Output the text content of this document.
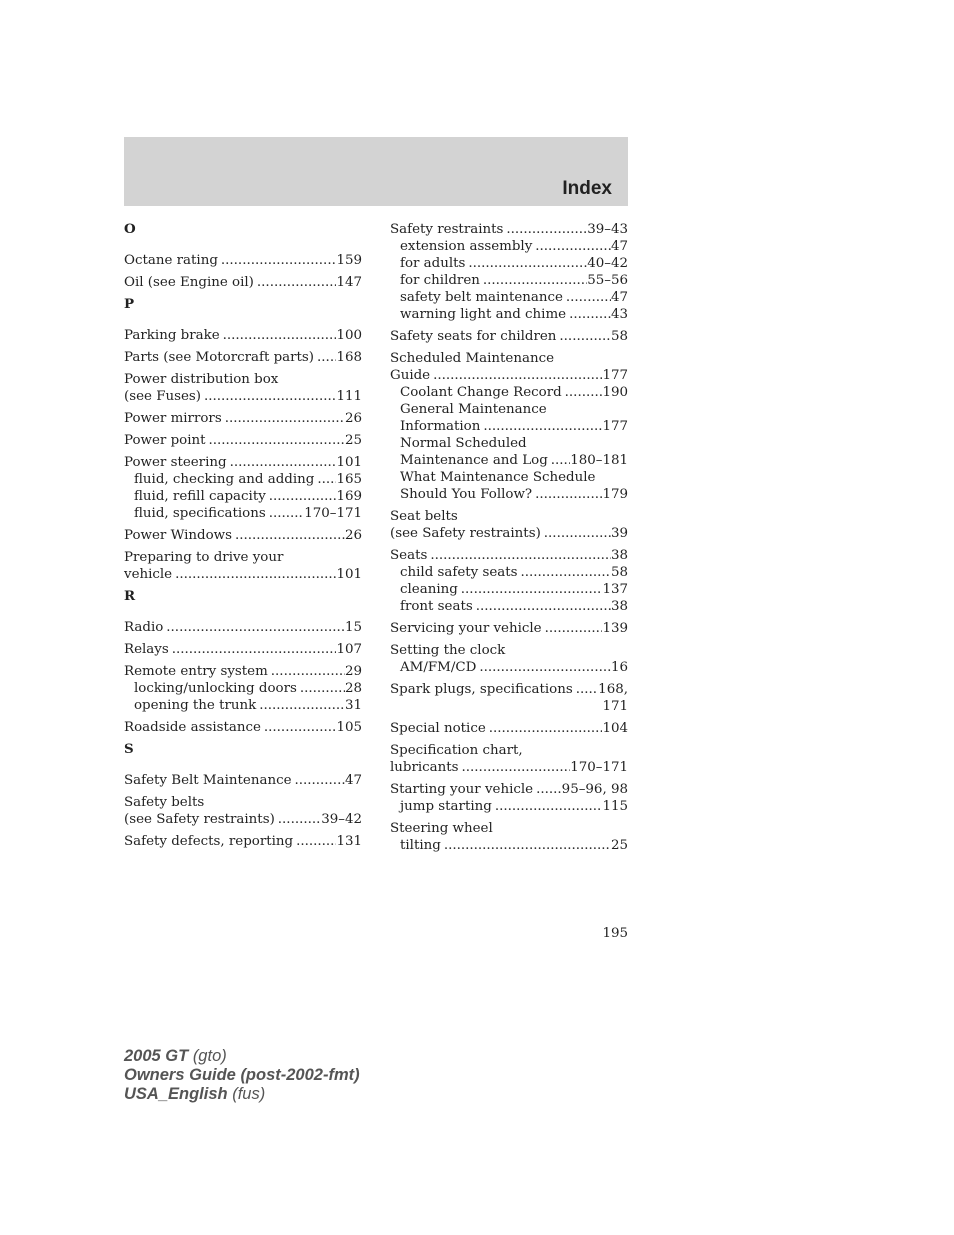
Index
O
Octane rating .....	159
Oil (see Engine oil) .....	147
P
Parking brake .....	100
Parts (see Motorcraft parts) ..... 168
Power distribution box
(see Fuses) .....	111
Power mirrors .....	26
Power point .....	25
Power steering .....	101
fluid, checking and adding ..... 165
fluid, refill capacity .....	169
fluid, specifications .....	170–171
Power Windows .....	26
Preparing to drive your
vehicle .....	101
R
Radio .....	15
Relays .....	107
Remote entry system .....	29
locking/unlocking doors .....	28
opening the trunk .....	31
Roadside assistance .....	105
S
Safety Belt Maintenance .....	47
Safety belts
(see Safety restraints) .....	39–42
Safety defects, reporting .....	131
Safety restraints .....	39–43
extension assembly .....	47
for adults .....	40–42
for children .....	55–56
safety belt maintenance .....	47
warning light and chime .....	43
Safety seats for children .....	58
Scheduled Maintenance
Guide .....	177
Coolant Change Record .....	190
General Maintenance
Information .....	177
Normal Scheduled
Maintenance and Log ..... 180–181
What Maintenance Schedule
Should You Follow? .....	179
Seat belts
(see Safety restraints) .....	39
Seats .....	38
child safety seats .....	58
cleaning .....	137
front seats .....	38
Servicing your vehicle .....	139
Setting the clock
AM/FM/CD .....	16
Spark plugs, specifications ..... 168,
171
Special notice .....	104
Specification chart,
lubricants .....	170–171
Starting your vehicle ..... 95–96, 98
jump starting .....	115
Steering wheel
tilting .....	25
195
2005 GT (gto)
Owners Guide (post-2002-fmt)
USA_English (fus)
